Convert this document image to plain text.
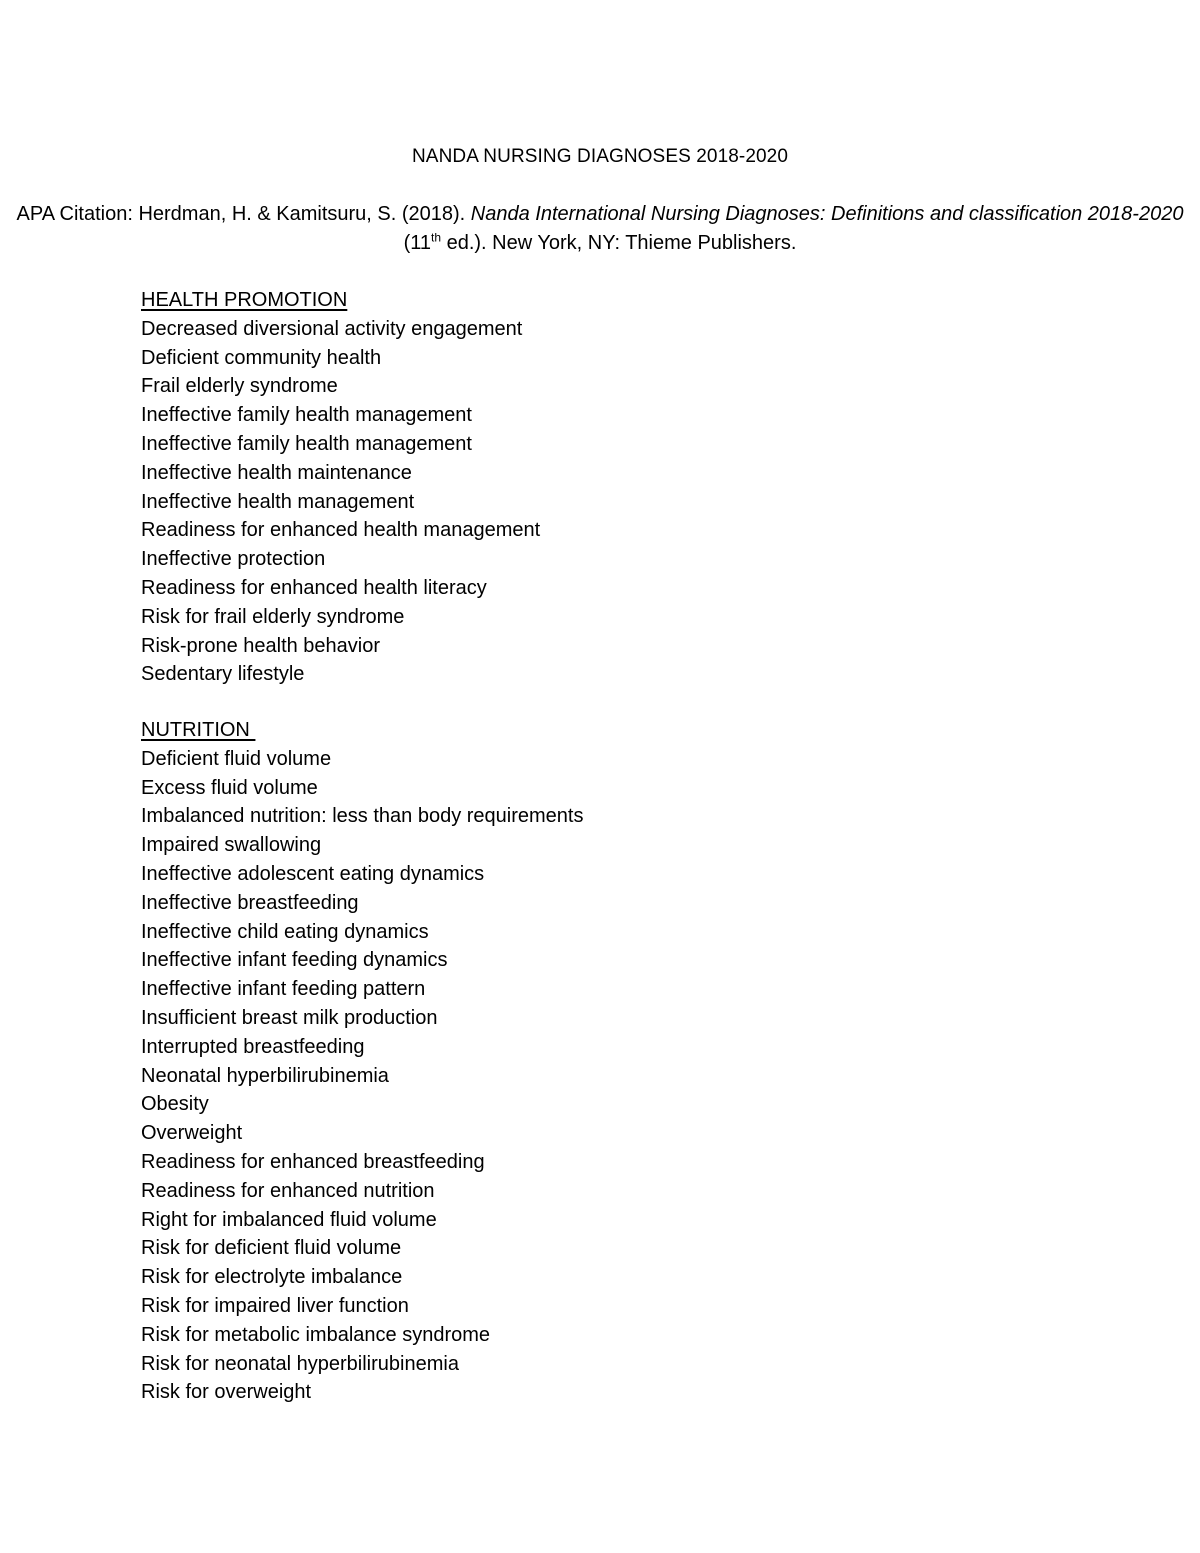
NANDA NURSING DIAGNOSES 2018-2020
APA Citation: Herdman, H. & Kamitsuru, S. (2018). Nanda International Nursing Diagnoses: Definitions and classification 2018-2020 (11th ed.). New York, NY: Thieme Publishers.
HEALTH PROMOTION
Decreased diversional activity engagement
Deficient community health
Frail elderly syndrome
Ineffective family health management
Ineffective family health management
Ineffective health maintenance
Ineffective health management
Readiness for enhanced health management
Ineffective protection
Readiness for enhanced health literacy
Risk for frail elderly syndrome
Risk-prone health behavior
Sedentary lifestyle
NUTRITION
Deficient fluid volume
Excess fluid volume
Imbalanced nutrition: less than body requirements
Impaired swallowing
Ineffective adolescent eating dynamics
Ineffective breastfeeding
Ineffective child eating dynamics
Ineffective infant feeding dynamics
Ineffective infant feeding pattern
Insufficient breast milk production
Interrupted breastfeeding
Neonatal hyperbilirubinemia
Obesity
Overweight
Readiness for enhanced breastfeeding
Readiness for enhanced nutrition
Right for imbalanced fluid volume
Risk for deficient fluid volume
Risk for electrolyte imbalance
Risk for impaired liver function
Risk for metabolic imbalance syndrome
Risk for neonatal hyperbilirubinemia
Risk for overweight
